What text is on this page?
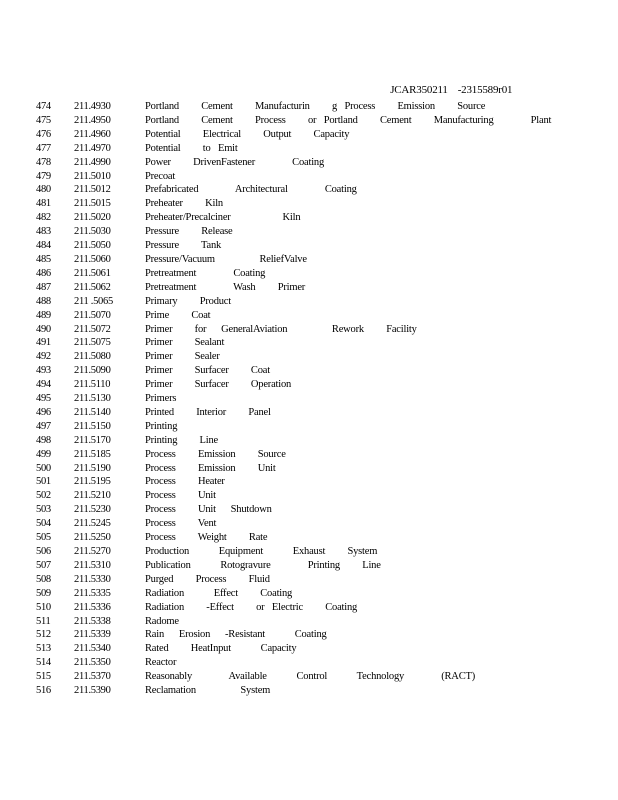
JCAR350211 -2315589r01

474 211.4930	Portland   Cement   Manufacturin   g Process   Emission   Source
475 211.4950	Portland   Cement   Process   or Portland   Cement   Manufacturing     Plant
476 211.4960	Potential   Electrical   Output   Capacity
477 211.4970	Potential   to Emit
478 211.4990	Power   DrivenFastener     Coating
479 211.5010	Precoat
480 211.5012	Prefabricated     Architectural     Coating
481 211.5015	Preheater   Kiln
482 211.5020	Preheater/Precalciner       Kiln
483 211.5030	Pressure   Release
484 211.5050	Pressure   Tank
485 211.5060	Pressure/Vacuum      ReliefValve
486 211.5061	Pretreatment     Coating
487 211.5062	Pretreatment     Wash   Primer
488 211 .5065	Primary   Product
489 211.5070	Prime   Coat
490 211.5072	Primer   for  GeneralAviation      Rework   Facility
491 211.5075	Primer   Sealant
492 211.5080	Primer   Sealer
493 211.5090	Primer   Surfacer   Coat
494 211.5110	Primer   Surfacer   Operation
495 211.5130	Primers
496 211.5140	Printed   Interior   Panel
497 211.5150	Printing
498 211.5170	Printing   Line
499 211.5185	Process   Emission   Source
500 211.5190	Process   Emission   Unit
501 211.5195	Process   Heater
502 211.5210	Process   Unit
503 211.5230	Process   Unit  Shutdown
504 211.5245	Process   Vent
505 211.5250	Process   Weight   Rate
506 211.5270	Production    Equipment    Exhaust   System
507 211.5310	Publication    Rotogravure     Printing   Line
508 211.5330	Purged   Process   Fluid
509 211.5335	Radiation    Effect   Coating
510 211.5336	Radiation   -Effect   or Electric   Coating
511 211.5338	Radome
512 211.5339	Rain  Erosion  -Resistant    Coating
513 211.5340	Rated   HeatInput    Capacity
514 211.5350	Reactor
515 211.5370	Reasonably     Available    Control    Technology     (RACT)
516 211.5390	Reclamation      System
